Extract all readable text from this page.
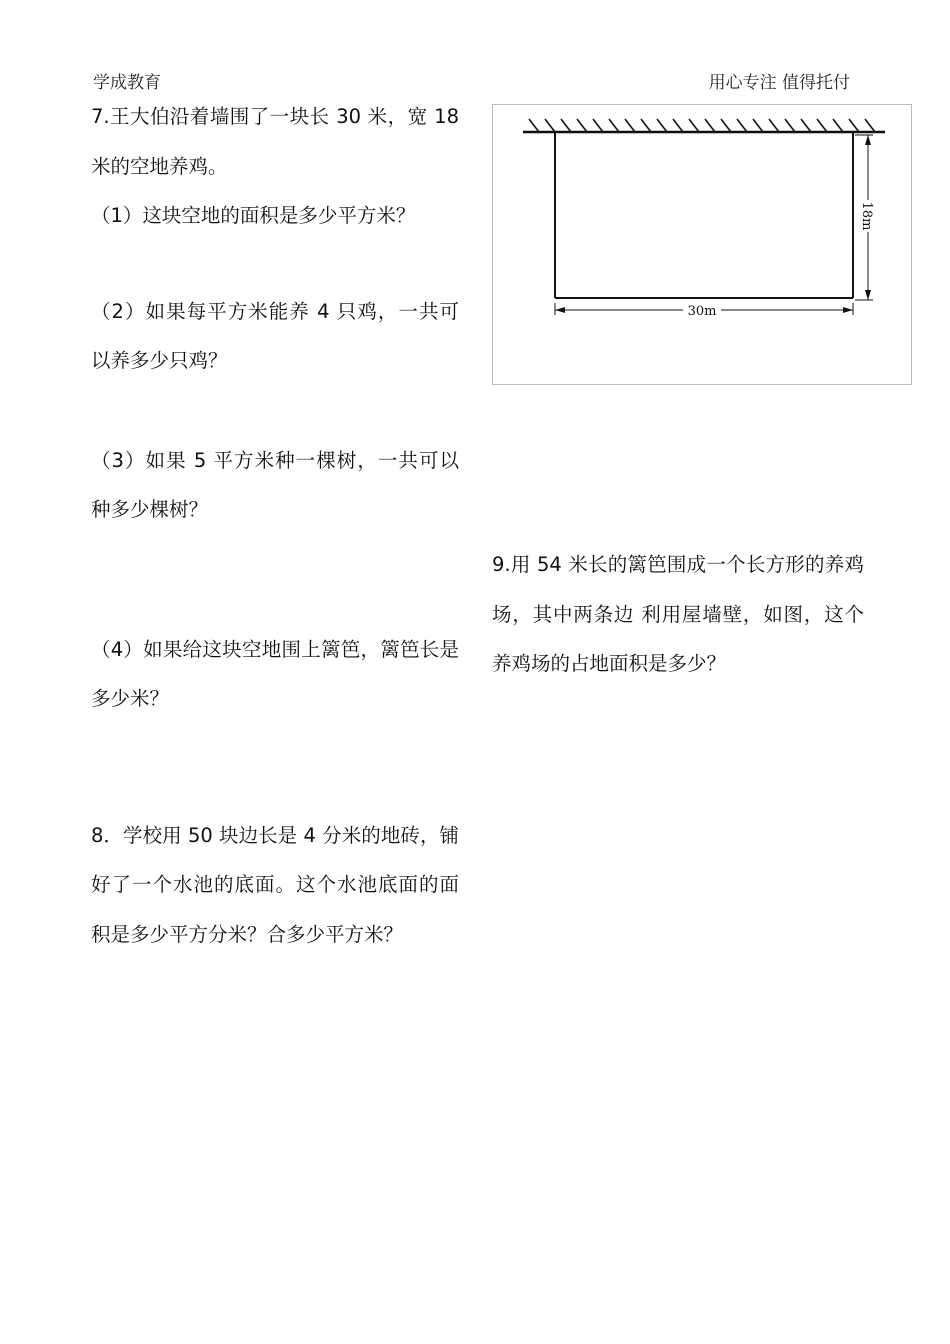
学成教育	用心专注 值得托付

7.王大伯沿着墙围了一块长 30 米，宽 18 米的空地养鸡。

（1）这块空地的面积是多少平方米？

（2）如果每平方米能养 4 只鸡，一共可以养多少只鸡？

（3）如果 5 平方米种一棵树，一共可以种多少棵树？

（4）如果给这块空地围上篱笆，篱笆长是多少米？

8．学校用 50 块边长是 4 分米的地砖，铺好了一个水池的底面。这个水池底面的面积是多少平方分米？合多少平方米？

18m
30m

9.用 54 米长的篱笆围成一个长方形的养鸡场，其中两条边 利用屋墙壁，如图，这个养鸡场的占地面积是多少？
